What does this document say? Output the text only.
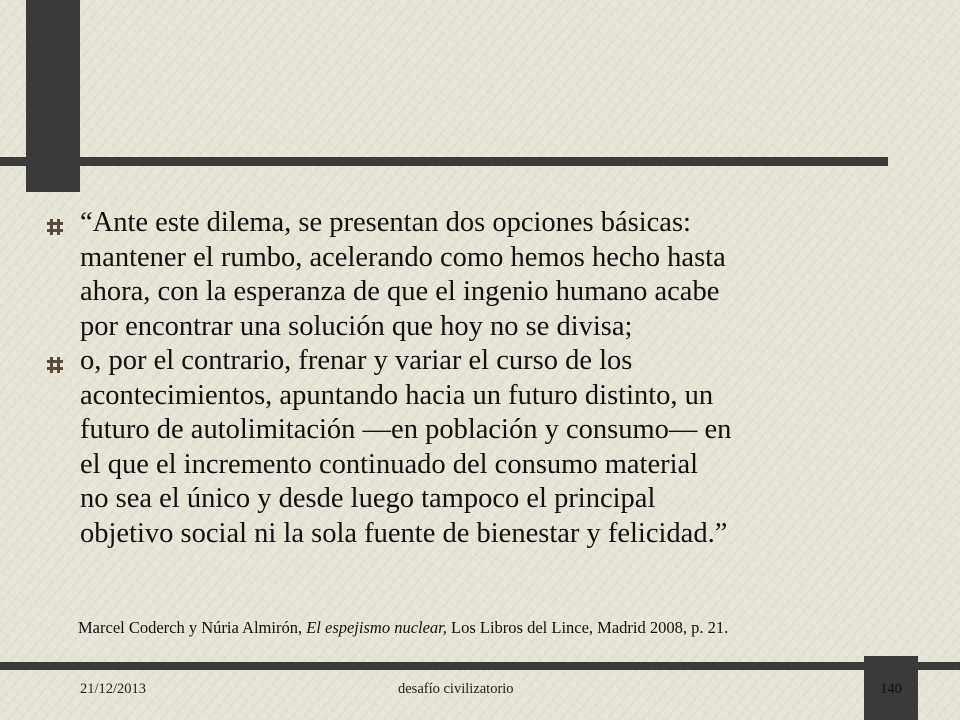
“Ante este dilema, se presentan dos opciones básicas:
mantener el rumbo, acelerando como hemos hecho hasta
ahora, con la esperanza de que el ingenio humano acabe
por encontrar una solución que hoy no se divisa;
o, por el contrario, frenar y variar el curso de los
acontecimientos, apuntando hacia un futuro distinto, un
futuro de autolimitación —en población y consumo— en
el que el incremento continuado del consumo material
no sea el único y desde luego tampoco el principal
objetivo social ni la sola fuente de bienestar y felicidad.”
Marcel Coderch y Núria Almirón, El espejismo nuclear, Los Libros del Lince, Madrid 2008, p. 21.
21/12/2013	desafío civilizatorio	140
